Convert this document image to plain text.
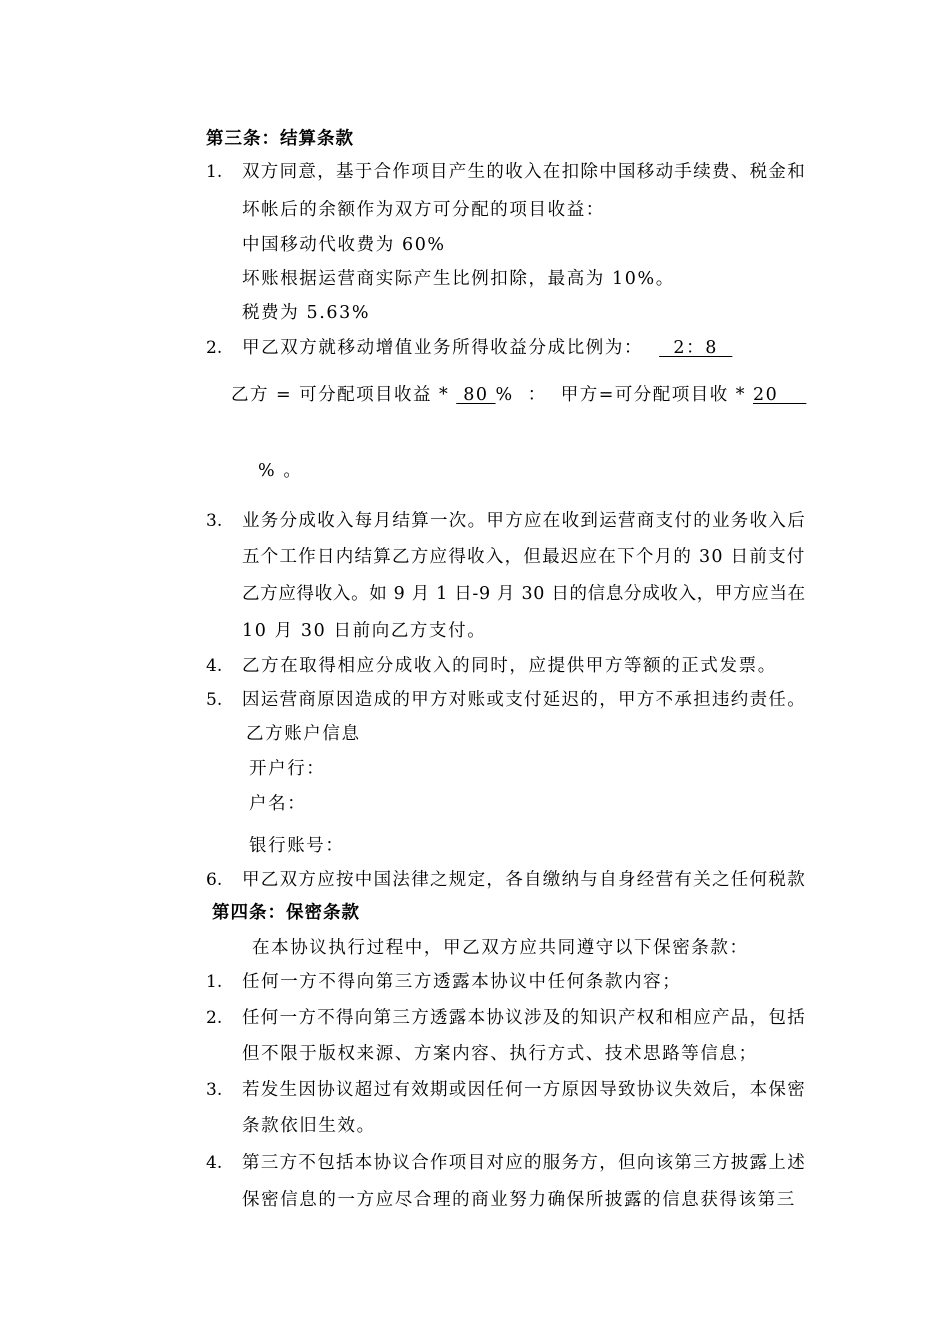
第三条：结算条款
1. 双方同意，基于合作项目产生的收入在扣除中国移动手续费、税金和
坏帐后的余额作为双方可分配的项目收益：
中国移动代收费为 60%
坏账根据运营商实际产生比例扣除，最高为 10%。
税费为 5.63%
2. 甲乙双方就移动增值业务所得收益分成比例为：  2：8
乙方 = 可分配项目收益 *  80 %  ：  甲方=可分配项目收 * 20
% 。
3. 业务分成收入每月结算一次。甲方应在收到运营商支付的业务收入后
五个工作日内结算乙方应得收入，但最迟应在下个月的 30 日前支付
乙方应得收入。如 9 月 1 日-9 月 30 日的信息分成收入，甲方应当在
10 月 30 日前向乙方支付。
4. 乙方在取得相应分成收入的同时，应提供甲方等额的正式发票。
5. 因运营商原因造成的甲方对账或支付延迟的，甲方不承担违约责任。
乙方账户信息
开户行：
户名：
银行账号：
6. 甲乙双方应按中国法律之规定，各自缴纳与自身经营有关之任何税款
第四条：保密条款
在本协议执行过程中，甲乙双方应共同遵守以下保密条款：
1. 任何一方不得向第三方透露本协议中任何条款内容；
2. 任何一方不得向第三方透露本协议涉及的知识产权和相应产品，包括
但不限于版权来源、方案内容、执行方式、技术思路等信息；
3. 若发生因协议超过有效期或因任何一方原因导致协议失效后，本保密
条款依旧生效。
4. 第三方不包括本协议合作项目对应的服务方，但向该第三方披露上述
保密信息的一方应尽合理的商业努力确保所披露的信息获得该第三
